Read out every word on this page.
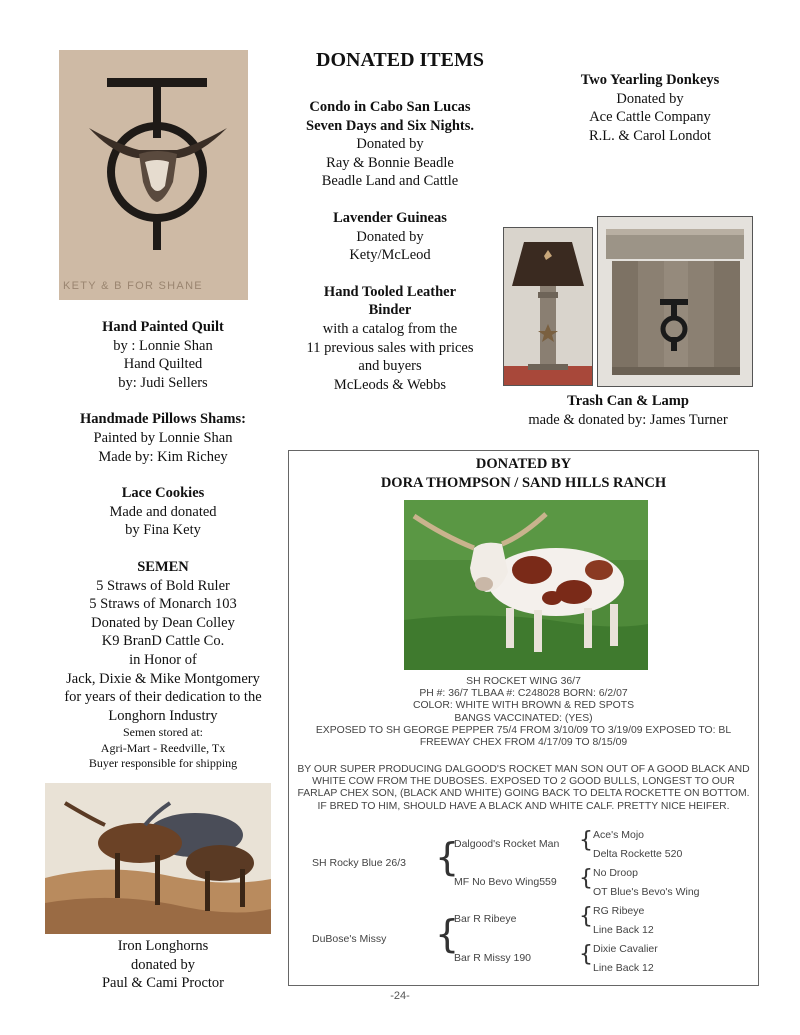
KETY & B FOR SHANE
DONATED ITEMS
Hand Painted Quilt
by : Lonnie Shan
Hand Quilted
by: Judi Sellers
Handmade Pillows Shams:
Painted by Lonnie Shan
Made by: Kim Richey
Lace Cookies
Made and donated
by Fina Kety
SEMEN
5 Straws of Bold Ruler
5 Straws of Monarch 103
Donated by Dean Colley
K9 BranD Cattle Co.
in Honor of
Jack, Dixie & Mike Montgomery
for years of their dedication to the
Longhorn Industry
Semen stored at:
Agri-Mart - Reedville, Tx
Buyer responsible for shipping
Iron Longhorns
donated by
Paul & Cami Proctor
Condo in Cabo San Lucas
Seven Days and Six Nights.
Donated by
Ray & Bonnie Beadle
Beadle Land and Cattle
Lavender Guineas
Donated by
Kety/McLeod
Hand Tooled Leather
Binder
with a catalog from the
11 previous sales with prices
and buyers
McLeods & Webbs
Two Yearling Donkeys
Donated by
Ace Cattle Company
R.L. & Carol Londot
Trash Can & Lamp
made & donated by: James Turner
DONATED BY
DORA THOMPSON / SAND HILLS RANCH
SH ROCKET WING 36/7
PH #: 36/7 TLBAA #: C248028 BORN: 6/2/07
COLOR: WHITE WITH BROWN & RED SPOTS
BANGS VACCINATED: (YES)
EXPOSED TO SH GEORGE PEPPER 75/4 FROM 3/10/09 TO 3/19/09 EXPOSED TO: BL
FREEWAY CHEX FROM 4/17/09 TO 8/15/09
BY OUR SUPER PRODUCING DALGOOD'S ROCKET MAN SON OUT OF A GOOD BLACK AND
WHITE COW FROM THE DUBOSES. EXPOSED TO 2 GOOD BULLS, LONGEST TO OUR
FARLAP CHEX SON, (BLACK AND WHITE) GOING BACK TO DELTA ROCKETTE ON BOTTOM.
IF BRED TO HIM, SHOULD HAVE A BLACK AND WHITE CALF. PRETTY NICE HEIFER.
SH Rocky Blue 26/3
DuBose's Missy
{
{
Dalgood's Rocket Man
MF No Bevo Wing559
Bar R Ribeye
Bar R Missy 190
{
{
{
{
Ace's Mojo
Delta Rockette 520
No Droop
OT Blue's Bevo's Wing
RG Ribeye
Line Back 12
Dixie Cavalier
Line Back 12
-24-
